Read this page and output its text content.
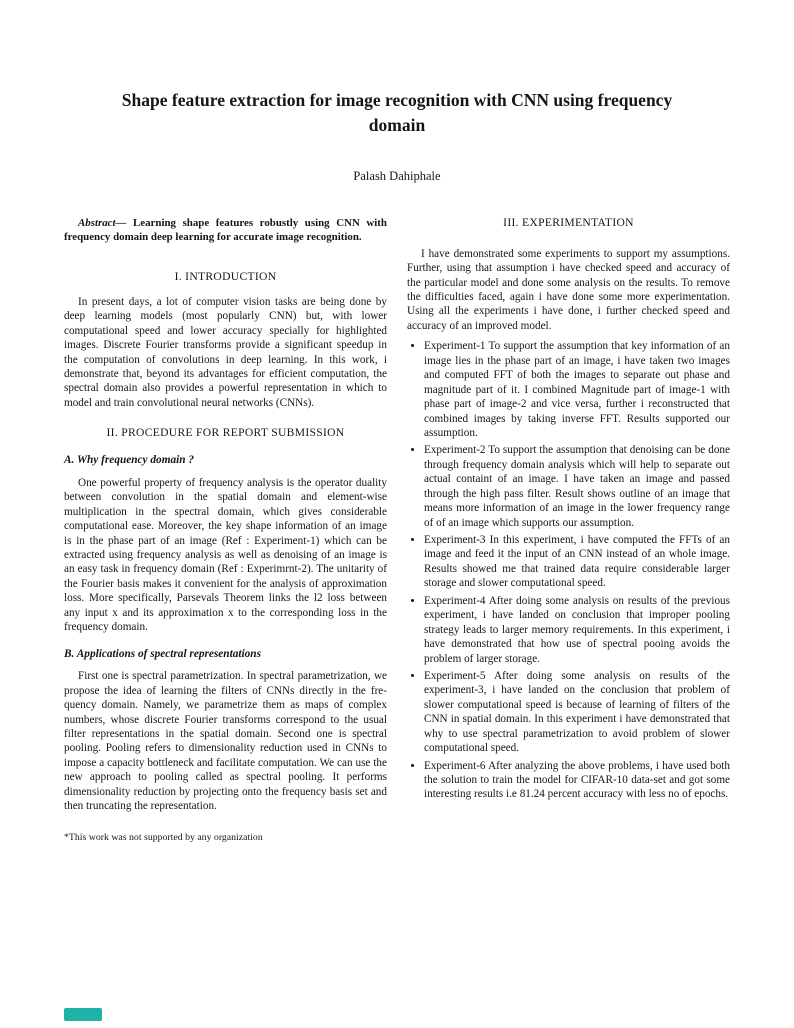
Shape feature extraction for image recognition with CNN using frequency domain
Palash Dahiphale

Abstract— Learning shape features robustly using CNN with frequency domain deep learning for accurate image recognition.

I. INTRODUCTION

In present days, a lot of computer vision tasks are being done by deep learning models (most popularly CNN) but, with lower computational speed and lower accuracy specially for highlighted images. Discrete Fourier transforms provide a significant speedup in the computation of convolutions in deep learning. In this work, i demonstrate that, beyond its advantages for efficient computation, the spectral domain also provides a powerful representation in which to model and train convolutional neural networks (CNNs).

II. PROCEDURE FOR REPORT SUBMISSION
A. Why frequency domain ?

One powerful property of frequency analysis is the operator duality between convolution in the spatial domain and element-wise multiplication in the spectral domain, which gives considerable computational ease. Moreover, the key shape information of an image is in the phase part of an image (Ref : Experiment-1) which can be extracted using frequency analysis as well as denoising of an image is an easy task in frequency domain (Ref : Experimrnt-2). The unitarity of the Fourier basis makes it convenient for the analysis of approximation loss. More specifically, Parsevals Theorem links the l2 loss between any input x and its approximation x to the corresponding loss in the frequency domain.

B. Applications of spectral representations

First one is spectral parametrization. In spectral parametrization, we propose the idea of learning the filters of CNNs directly in the fre- quency domain. Namely, we parametrize them as maps of complex numbers, whose discrete Fourier transforms correspond to the usual filter representations in the spatial domain. Second one is spectral pooling. Pooling refers to dimensionality reduction used in CNNs to impose a capacity bottleneck and facilitate computation. We can use the new approach to pooling called as spectral pooling. It performs dimensionality reduction by projecting onto the frequency basis set and then truncating the representation.

*This work was not supported by any organization
III. EXPERIMENTATION

I have demonstrated some experiments to support my assumptions. Further, using that assumption i have checked speed and accuracy of the particular model and done some analysis on the results. To remove the difficulties faced, again i have done some more experimentation. Using all the experiments i have done, i further checked speed and accuracy of an improved model.

• Experiment-1 To support the assumption that key information of an image lies in the phase part of an image, i have taken two images and computed FFT of both the images to separate out phase and magnitude part of it. I combined Magnitude part of image-1 with phase part of image-2 and vice versa, further i reconstructed that combined images by taking inverse FFT. Results supported our assumption.
• Experiment-2 To support the assumption that denoising can be done through frequency domain analysis which will help to separate out actual containt of an image. I have taken an image and passed through the high pass filter. Result shows outline of an image that means more information of an image in the lower frequency range of of an image which supports our assumption.
• Experiment-3 In this experiment, i have computed the FFTs of an image and feed it the input of an CNN instead of an whole image. Results showed me that trained data require considerable larger storage and slower computational speed.
• Experiment-4 After doing some analysis on results of the previous experiment, i have landed on conclusion that improper pooling strategy leads to larger memory requirements. In this experiment, i have demonstrated that how use of spectral pooing avoids the problem of larger storage.
• Experiment-5 After doing some analysis on results of the experiment-3, i have landed on the conclusion that problem of slower computational speed is because of learning of filters of the CNN in spatial domain. In this experiment i have demonstrated that why to use spectral parametrization to avoid problem of slower computational speed.
• Experiment-6 After analyzing the above problems, i have used both the solution to train the model for CIFAR-10 data-set and got some interesting results i.e 81.24 percent accuracy with less no of epochs.
